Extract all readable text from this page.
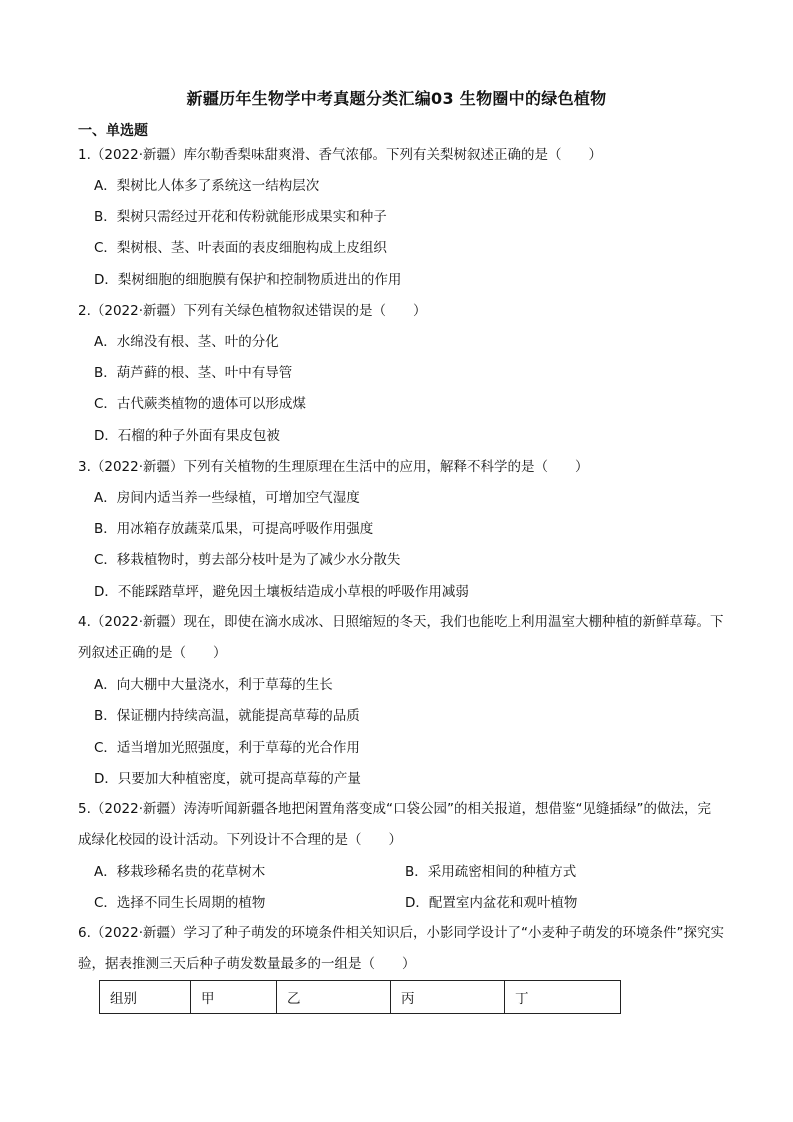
新疆历年生物学中考真题分类汇编03 生物圈中的绿色植物
一、单选题
1.（2022·新疆）库尔勒香梨味甜爽滑、香气浓郁。下列有关梨树叙述正确的是（　　）
A．梨树比人体多了系统这一结构层次
B．梨树只需经过开花和传粉就能形成果实和种子
C．梨树根、茎、叶表面的表皮细胞构成上皮组织
D．梨树细胞的细胞膜有保护和控制物质进出的作用
2.（2022·新疆）下列有关绿色植物叙述错误的是（　　）
A．水绵没有根、茎、叶的分化
B．葫芦藓的根、茎、叶中有导管
C．古代蕨类植物的遗体可以形成煤
D．石榴的种子外面有果皮包被
3.（2022·新疆）下列有关植物的生理原理在生活中的应用，解释不科学的是（　　）
A．房间内适当养一些绿植，可增加空气湿度
B．用冰箱存放蔬菜瓜果，可提高呼吸作用强度
C．移栽植物时，剪去部分枝叶是为了减少水分散失
D．不能踩踏草坪，避免因土壤板结造成小草根的呼吸作用减弱
4.（2022·新疆）现在，即使在滴水成冰、日照缩短的冬天，我们也能吃上利用温室大棚种植的新鲜草莓。下列叙述正确的是（　　）
A．向大棚中大量浇水，利于草莓的生长
B．保证棚内持续高温，就能提高草莓的品质
C．适当增加光照强度，利于草莓的光合作用
D．只要加大种植密度，就可提高草莓的产量
5.（2022·新疆）涛涛听闻新疆各地把闲置角落变成“口袋公园”的相关报道，想借鉴“见缝插绿”的做法，完成绿化校园的设计活动。下列设计不合理的是（　　）
A．移栽珍稀名贵的花草树木	B．采用疏密相间的种植方式
C．选择不同生长周期的植物	D．配置室内盆花和观叶植物
6.（2022·新疆）学习了种子萌发的环境条件相关知识后，小影同学设计了“小麦种子萌发的环境条件”探究实验，据表推测三天后种子萌发数量最多的一组是（　　）
组别	甲	乙	丙	丁
